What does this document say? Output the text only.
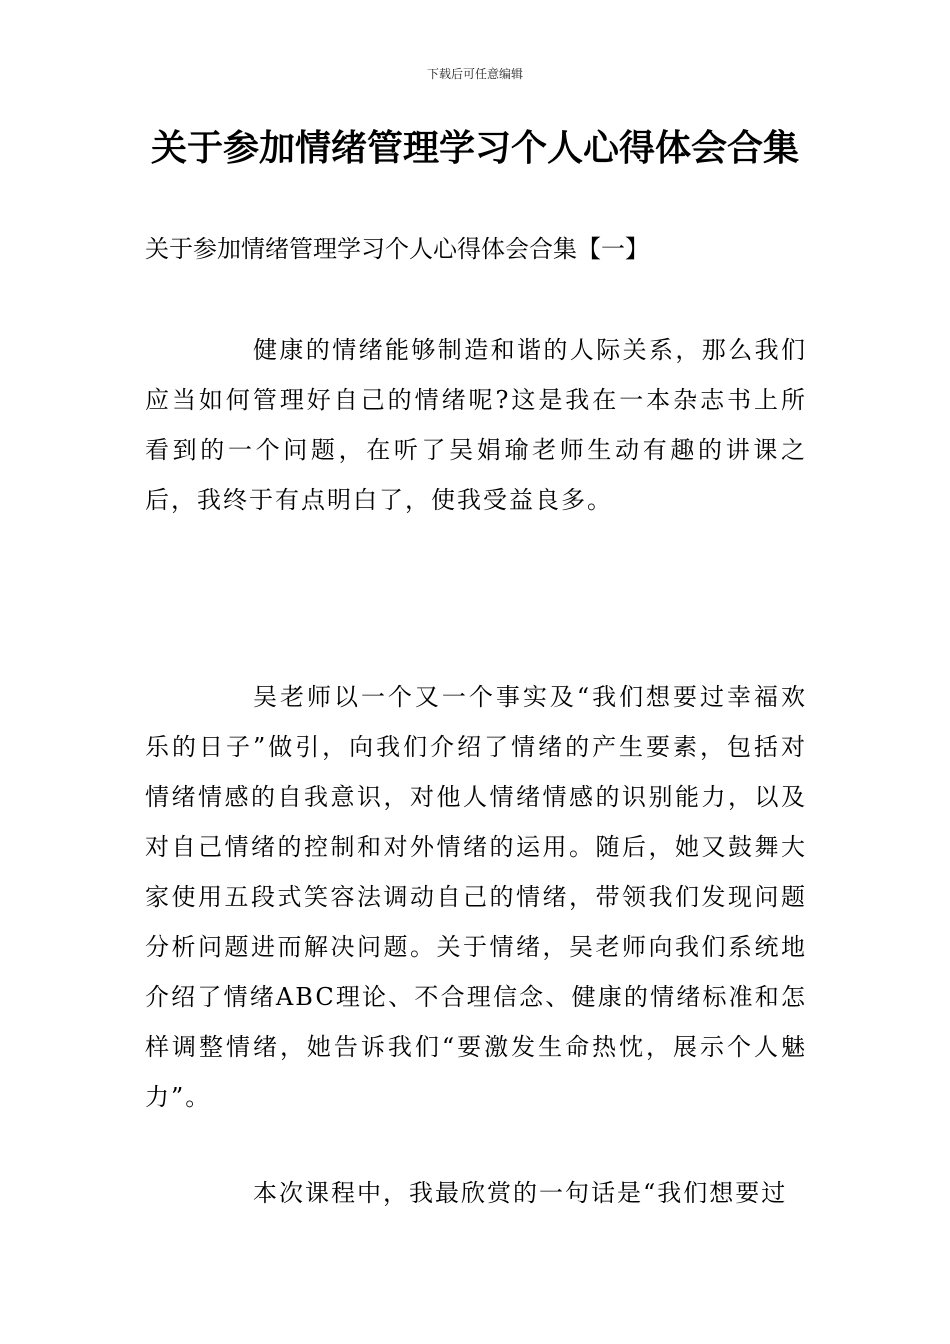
下载后可任意编辑
关于参加情绪管理学习个人心得体会合集
关于参加情绪管理学习个人心得体会合集【一】

健康的情绪能够制造和谐的人际关系，那么我们应当如何管理好自己的情绪呢?这是我在一本杂志书上所看到的一个问题，在听了吴娟瑜老师生动有趣的讲课之后，我终于有点明白了，使我受益良多。

吴老师以一个又一个事实及“我们想要过幸福欢乐的日子”做引，向我们介绍了情绪的产生要素，包括对情绪情感的自我意识，对他人情绪情感的识别能力，以及对自己情绪的控制和对外情绪的运用。随后，她又鼓舞大家使用五段式笑容法调动自己的情绪，带领我们发现问题分析问题进而解决问题。关于情绪，吴老师向我们系统地介绍了情绪ABC理论、不合理信念、健康的情绪标准和怎样调整情绪，她告诉我们“要激发生命热忱，展示个人魅力”。

本次课程中，我最欣赏的一句话是“我们想要过
